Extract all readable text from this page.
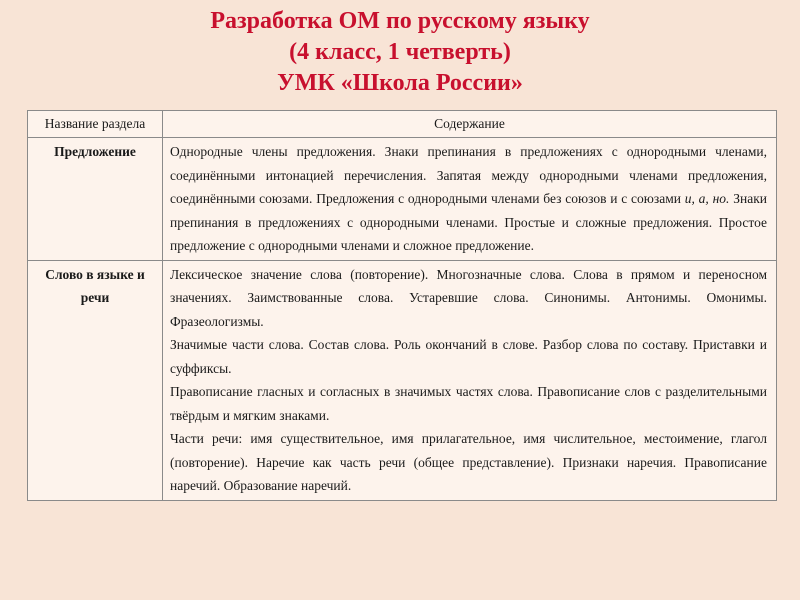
Разработка ОМ по русскому языку
(4 класс, 1 четверть)
УМК «Школа России»
Название раздела	Содержание
Предложение	Однородные члены предложения. Знаки препинания в предложениях с однородными членами, соединёнными интонацией перечисления. Запятая между однородными членами предложения, соединёнными союзами. Предложения с однородными членами без союзов и с союзами и, а, но. Знаки препинания в предложениях с однородными членами. Простые и сложные предложения. Простое предложение с однородными членами и сложное предложение.
Слово в языке и речи	Лексическое значение слова (повторение). Многозначные слова. Слова в прямом и переносном значениях. Заимствованные слова. Устаревшие слова. Синонимы. Антонимы. Омонимы. Фразеологизмы.

Значимые части слова. Состав слова. Роль окончаний в слове. Разбор слова по составу. Приставки и суффиксы.

Правописание гласных и согласных в значимых частях слова. Правописание слов с разделительными твёрдым и мягким знаками.

Части речи: имя существительное, имя прилагательное, имя числительное, местоимение, глагол (повторение). Наречие как часть речи (общее представление). Признаки наречия. Правописание наречий. Образование наречий.
